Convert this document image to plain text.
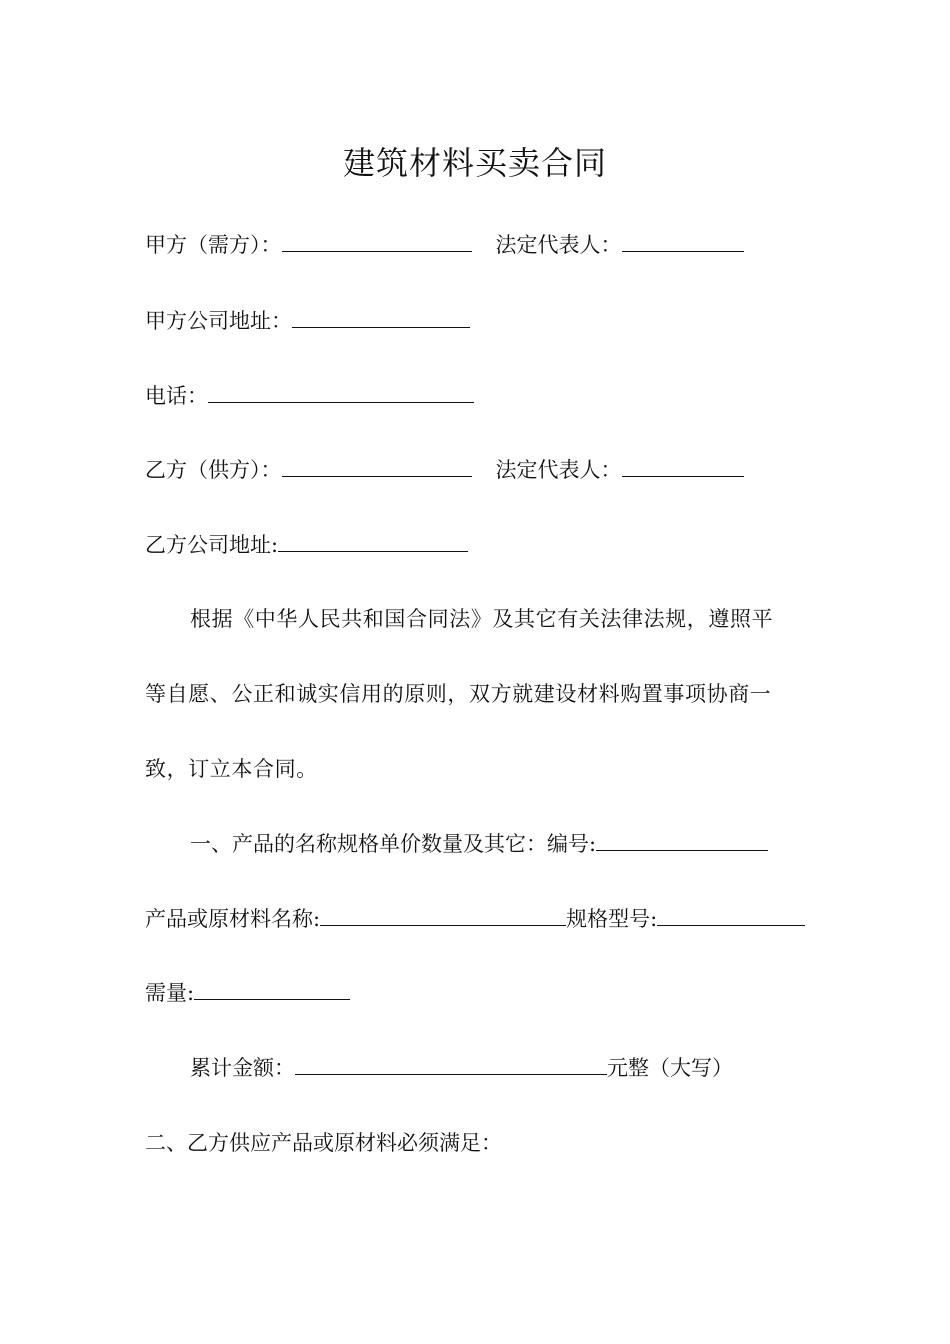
建筑材料买卖合同
甲方（需方）：	法定代表人：
甲方公司地址：
电话：
乙方（供方）：	法定代表人：
乙方公司地址:
根据《中华人民共和国合同法》及其它有关法律法规，遵照平
等自愿、公正和诚实信用的原则，双方就建设材料购置事项协商一
致，订立本合同。
一、产品的名称规格单价数量及其它：编号:
产品或原材料名称:	规格型号:
需量:
累计金额：	元整（大写）
二、乙方供应产品或原材料必须满足：
